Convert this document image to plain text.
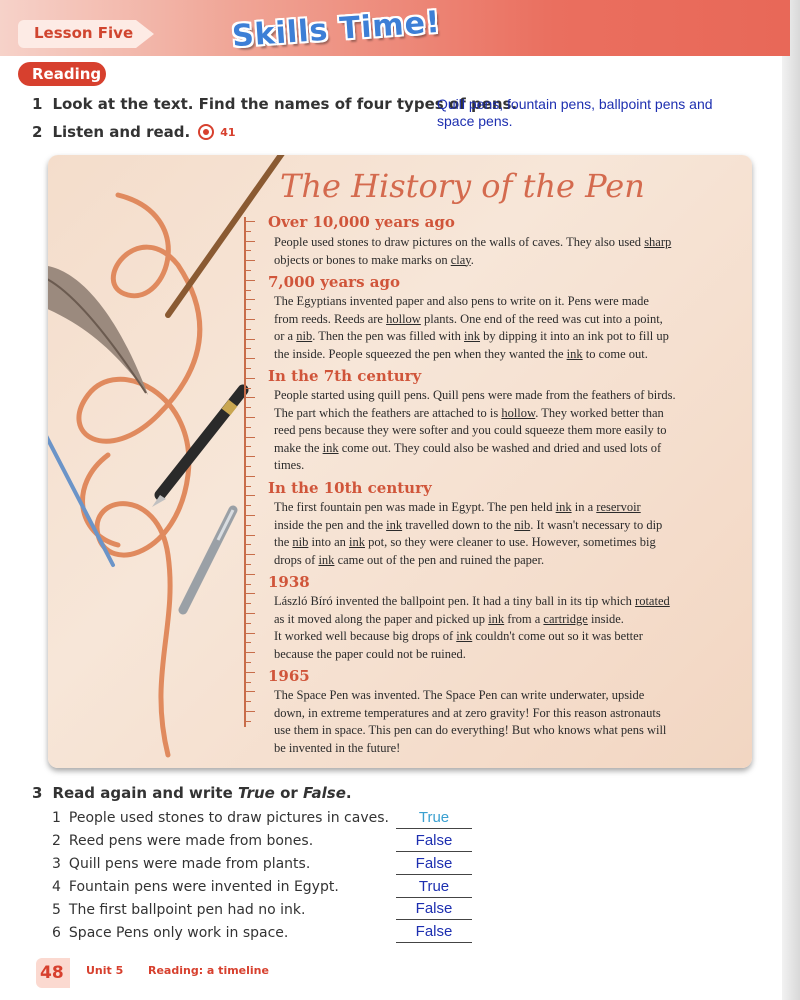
Lesson Five	Skills Time!
Reading
1 Look at the text. Find the names of four types of pens.
Quill pens, fountain pens, ballpoint pens and space pens.
2 Listen and read.	41
The History of the Pen
Over 10,000 years ago
People used stones to draw pictures on the walls of caves. They also used sharp
objects or bones to make marks on clay.
7,000 years ago
The Egyptians invented paper and also pens to write on it. Pens were made
from reeds. Reeds are hollow plants. One end of the reed was cut into a point,
or a nib. Then the pen was filled with ink by dipping it into an ink pot to fill up
the inside. People squeezed the pen when they wanted the ink to come out.
In the 7th century
People started using quill pens. Quill pens were made from the feathers of birds.
The part which the feathers are attached to is hollow. They worked better than
reed pens because they were softer and you could squeeze them more easily to
make the ink come out. They could also be washed and dried and used lots of
times.
In the 10th century
The first fountain pen was made in Egypt. The pen held ink in a reservoir
inside the pen and the ink travelled down to the nib. It wasn't necessary to dip
the nib into an ink pot, so they were cleaner to use. However, sometimes big
drops of ink came out of the pen and ruined the paper.
1938
László Bíró invented the ballpoint pen. It had a tiny ball in its tip which rotated
as it moved along the paper and picked up ink from a cartridge inside.
It worked well because big drops of ink couldn't come out so it was better
because the paper could not be ruined.
1965
The Space Pen was invented. The Space Pen can write underwater, upside
down, in extreme temperatures and at zero gravity! For this reason astronauts
use them in space. This pen can do everything! But who knows what pens will
be invented in the future!
3 Read again and write True or False.
1 People used stones to draw pictures in caves.	True
2 Reed pens were made from bones.	False
3 Quill pens were made from plants.	False
4 Fountain pens were invented in Egypt.	True
5 The first ballpoint pen had no ink.	False
6 Space Pens only work in space.	False
48	Unit 5 Reading: a timeline
